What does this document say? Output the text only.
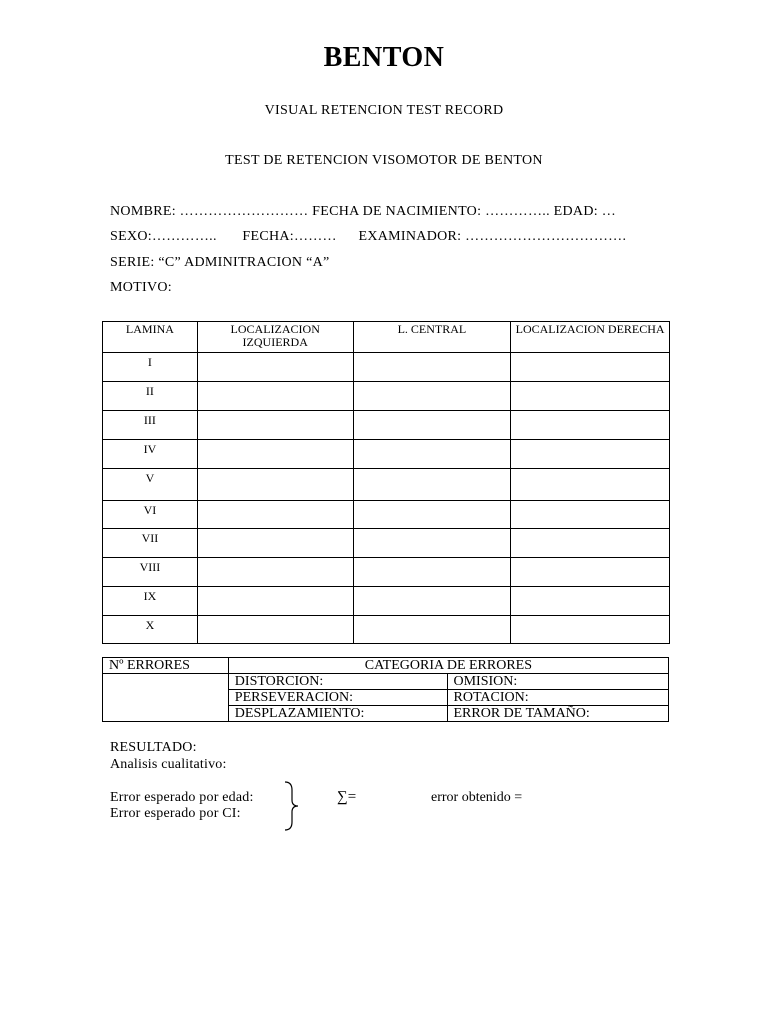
BENTON
VISUAL RETENCION TEST RECORD
TEST DE RETENCION VISOMOTOR DE BENTON
NOMBRE: ……………………… FECHA DE NACIMIENTO: ………….. EDAD: …
SEXO:………….. FECHA:……… EXAMINADOR: …………………………….
SERIE: “C” ADMINITRACION “A”
MOTIVO:
LAMINA	LOCALIZACION IZQUIERDA	L. CENTRAL	LOCALIZACION DERECHA
I			
II			
III			
IV			
V			
VI			
VII			
VIII			
IX			
X			
Nº ERRORES	CATEGORIA DE ERRORES	
	DISTORCION:	OMISION:
	PERSEVERACION:	ROTACION:
	DESPLAZAMIENTO:	ERROR DE TAMAÑO:
RESULTADO:
Analisis cualitativo:
Error esperado por edad:
Error esperado por CI:
∑=	error obtenido =
